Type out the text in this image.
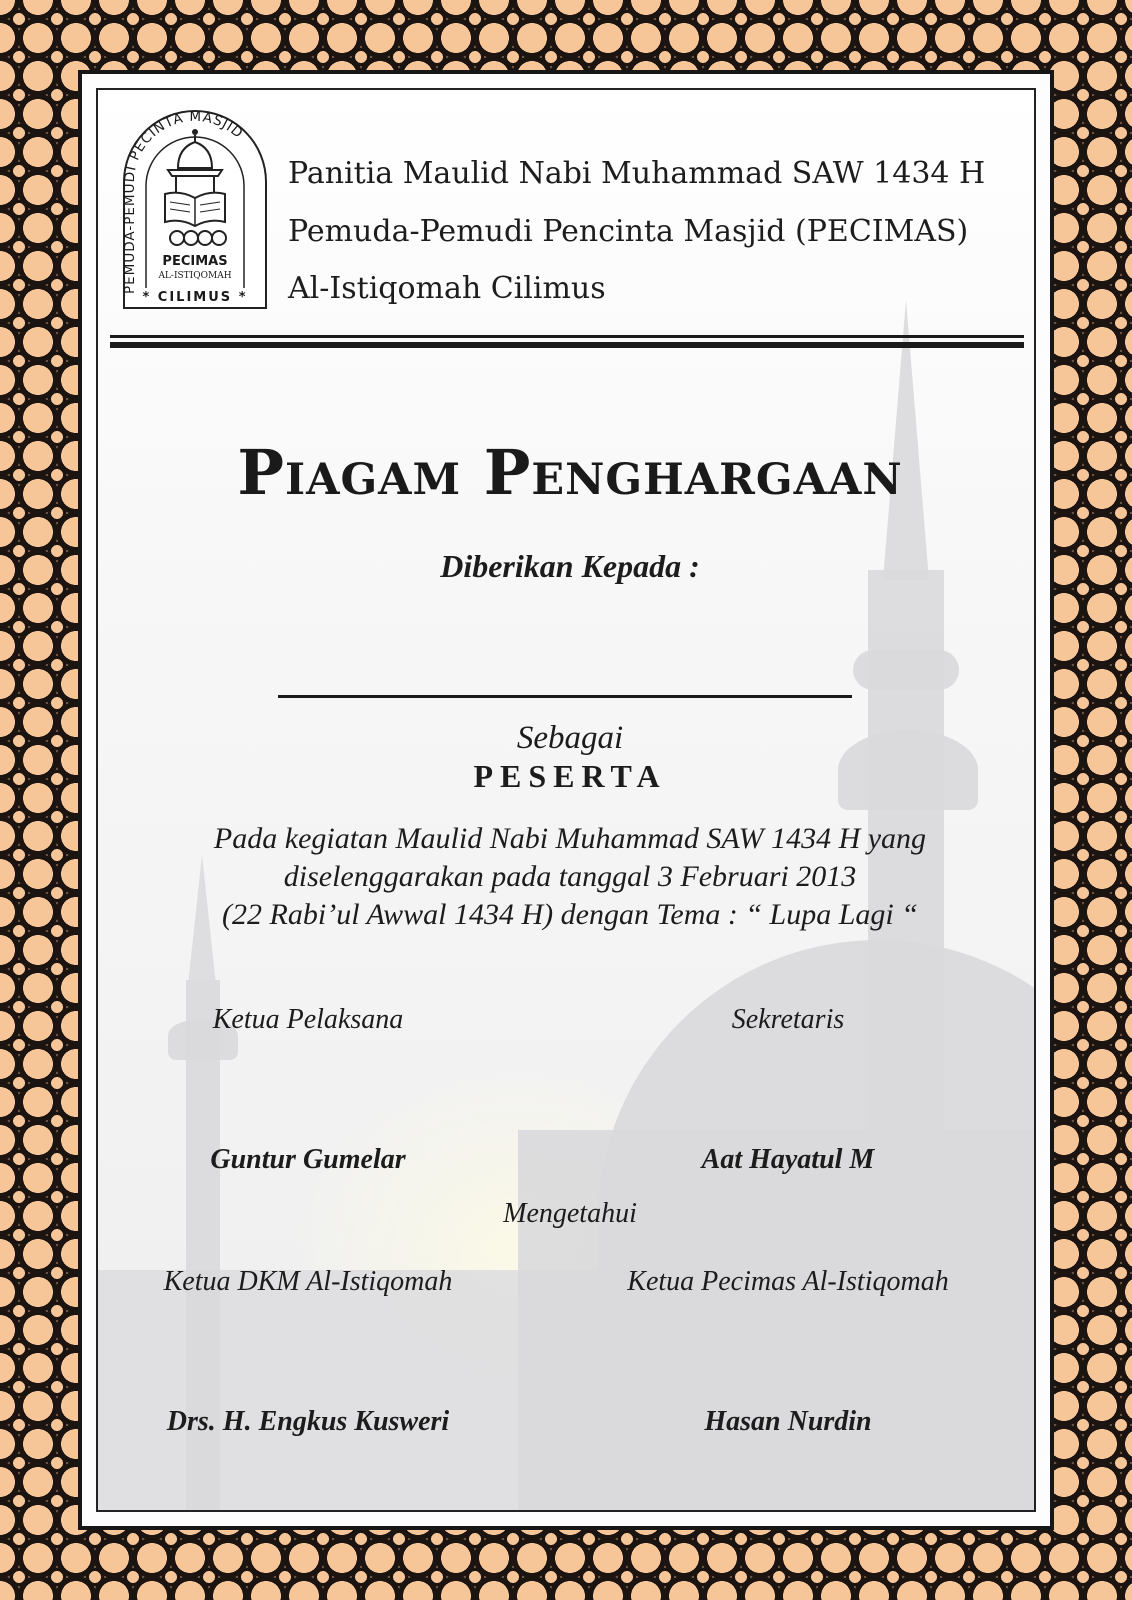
PEMUDA-PEMUDI PECINTA MASJID
PECIMAS
AL-ISTIQOMAH
* CILIMUS *
Panitia Maulid Nabi Muhammad SAW 1434 H
Pemuda-Pemudi Pencinta Masjid (PECIMAS)
Al-Istiqomah Cilimus
Piagam Penghargaan
Diberikan Kepada :
Sebagai
PESERTA
Pada kegiatan Maulid Nabi Muhammad SAW 1434 H yang
diselenggarakan pada tanggal 3 Februari 2013
(22 Rabi’ul Awwal 1434 H) dengan Tema : “ Lupa Lagi “
Ketua Pelaksana	Sekretaris
Guntur Gumelar	Aat Hayatul M
Mengetahui
Ketua DKM Al-Istiqomah	Ketua Pecimas Al-Istiqomah
Drs. H. Engkus Kusweri	Hasan Nurdin
